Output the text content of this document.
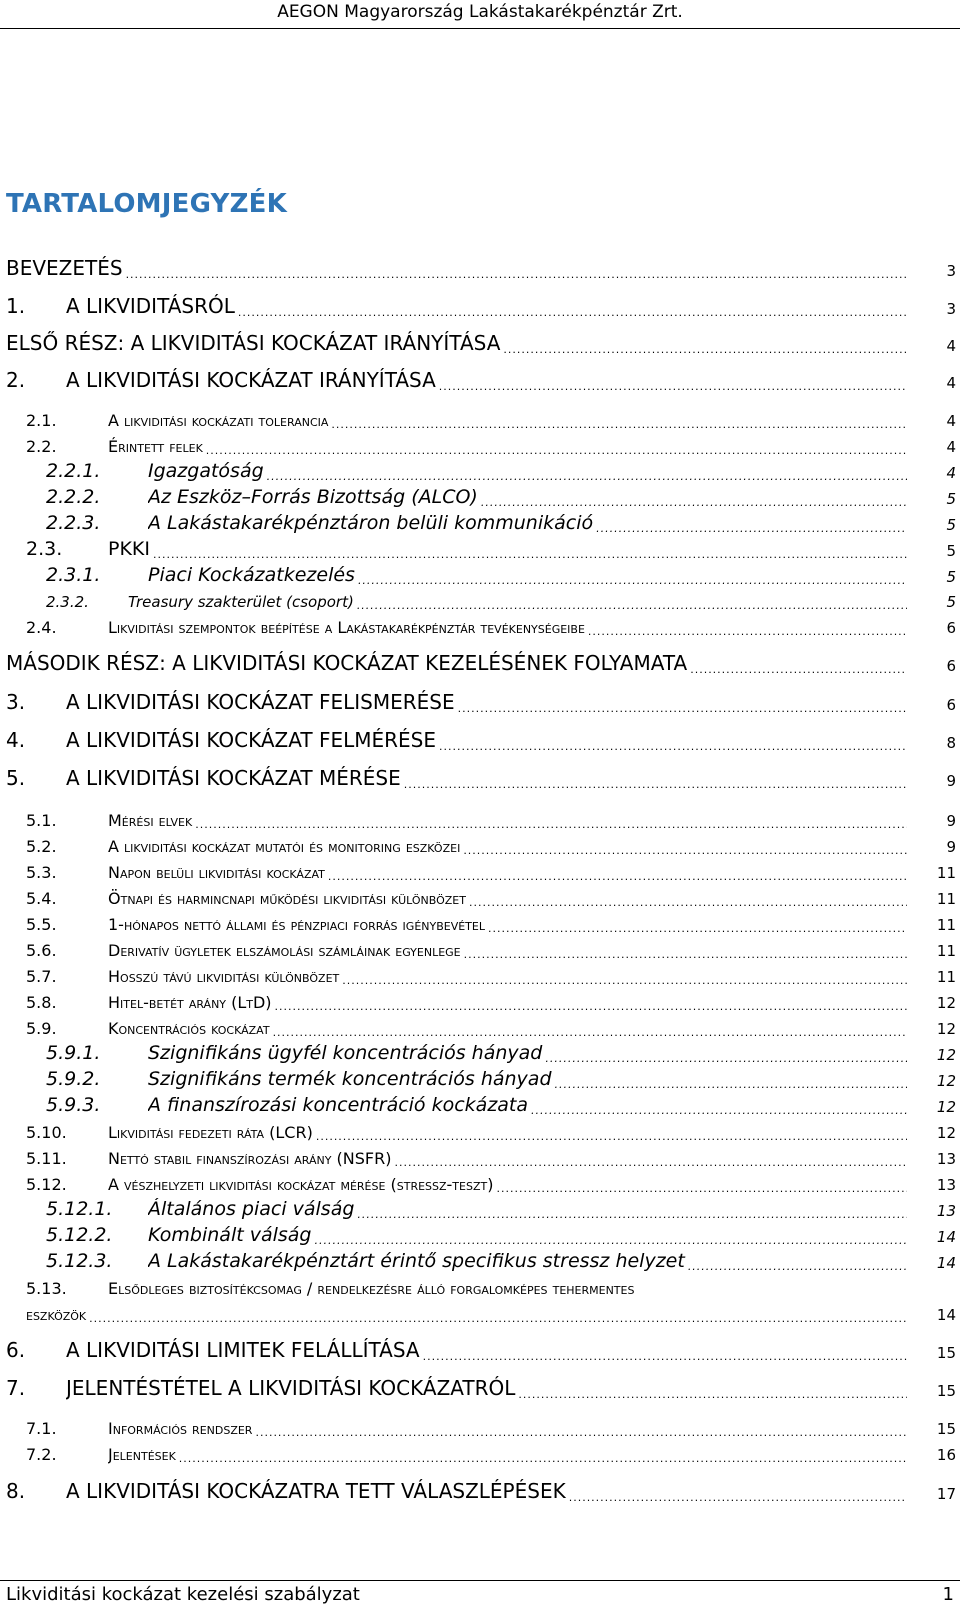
AEGON Magyarország Lakástakarékpénztár Zrt.
TARTALOMJEGYZÉK
BEVEZETÉS .....	3
1. A LIKVIDITÁSRÓL .....	3
ELSŐ RÉSZ: A LIKVIDITÁSI KOCKÁZAT IRÁNYÍTÁSA .....	4
2. A LIKVIDITÁSI KOCKÁZAT IRÁNYÍTÁSA .....	4
2.1.	A likviditási kockázati tolerancia .....	4
2.2.	Érintett felek .....	4
2.2.1.	Igazgatóság .....	4
2.2.2.	Az Eszköz–Forrás Bizottság (ALCO) .....	5
2.2.3.	A Lakástakarékpénztáron belüli kommunikáció .....	5
2.3. PKKI .....	5
2.3.1.	Piaci Kockázatkezelés .....	5
2.3.2.	Treasury szakterület (csoport) .....	5
2.4.	Likviditási szempontok beépítése a Lakástakarékpénztár tevékenységeibe .....	6
MÁSODIK RÉSZ: A LIKVIDITÁSI KOCKÁZAT KEZELÉSÉNEK FOLYAMATA .....	6
3. A LIKVIDITÁSI KOCKÁZAT FELISMERÉSE .....	6
4. A LIKVIDITÁSI KOCKÁZAT FELMÉRÉSE .....	8
5. A LIKVIDITÁSI KOCKÁZAT MÉRÉSE .....	9
5.1.	Mérési elvek .....	9
5.2.	A likviditási kockázat mutatói és monitoring eszközei .....	9
5.3.	Napon belüli likviditási kockázat .....	11
5.4.	Ötnapi és harmincnapi működési likviditási különbözet .....	11
5.5.	1-hónapos nettó állami és pénzpiaci forrás igénybevétel .....	11
5.6.	Derivatív ügyletek elszámolási számláinak egyenlege .....	11
5.7.	Hosszú távú likviditási különbözet .....	11
5.8.	Hitel-betét arány (LtD) .....	12
5.9.	Koncentrációs kockázat .....	12
5.9.1.	Szignifikáns ügyfél koncentrációs hányad .....	12
5.9.2.	Szignifikáns termék koncentrációs hányad .....	12
5.9.3.	A finanszírozási koncentráció kockázata .....	12
5.10.	Likviditási fedezeti ráta (LCR) .....	12
5.11.	Nettó stabil finanszírozási arány (NSFR) .....	13
5.12.	A vészhelyzeti likviditási kockázat mérése (stressz-teszt) .....	13
5.12.1. Általános piaci válság .....	13
5.12.2. Kombinált válság .....	14
5.12.3. A Lakástakarékpénztárt érintő specifikus stressz helyzet .....	14
5.13.	Elsődleges biztosítékcsomag / rendelkezésre álló forgalomképes tehermentes
eszközök .....	14
6. A LIKVIDITÁSI LIMITEK FELÁLLÍTÁSA .....	15
7. JELENTÉSTÉTEL A LIKVIDITÁSI KOCKÁZATRÓL .....	15
7.1.	Információs rendszer .....	15
7.2.	Jelentések .....	16
8. A LIKVIDITÁSI KOCKÁZATRA TETT VÁLASZLÉPÉSEK .....	17
Likviditási kockázat kezelési szabályzat	1
